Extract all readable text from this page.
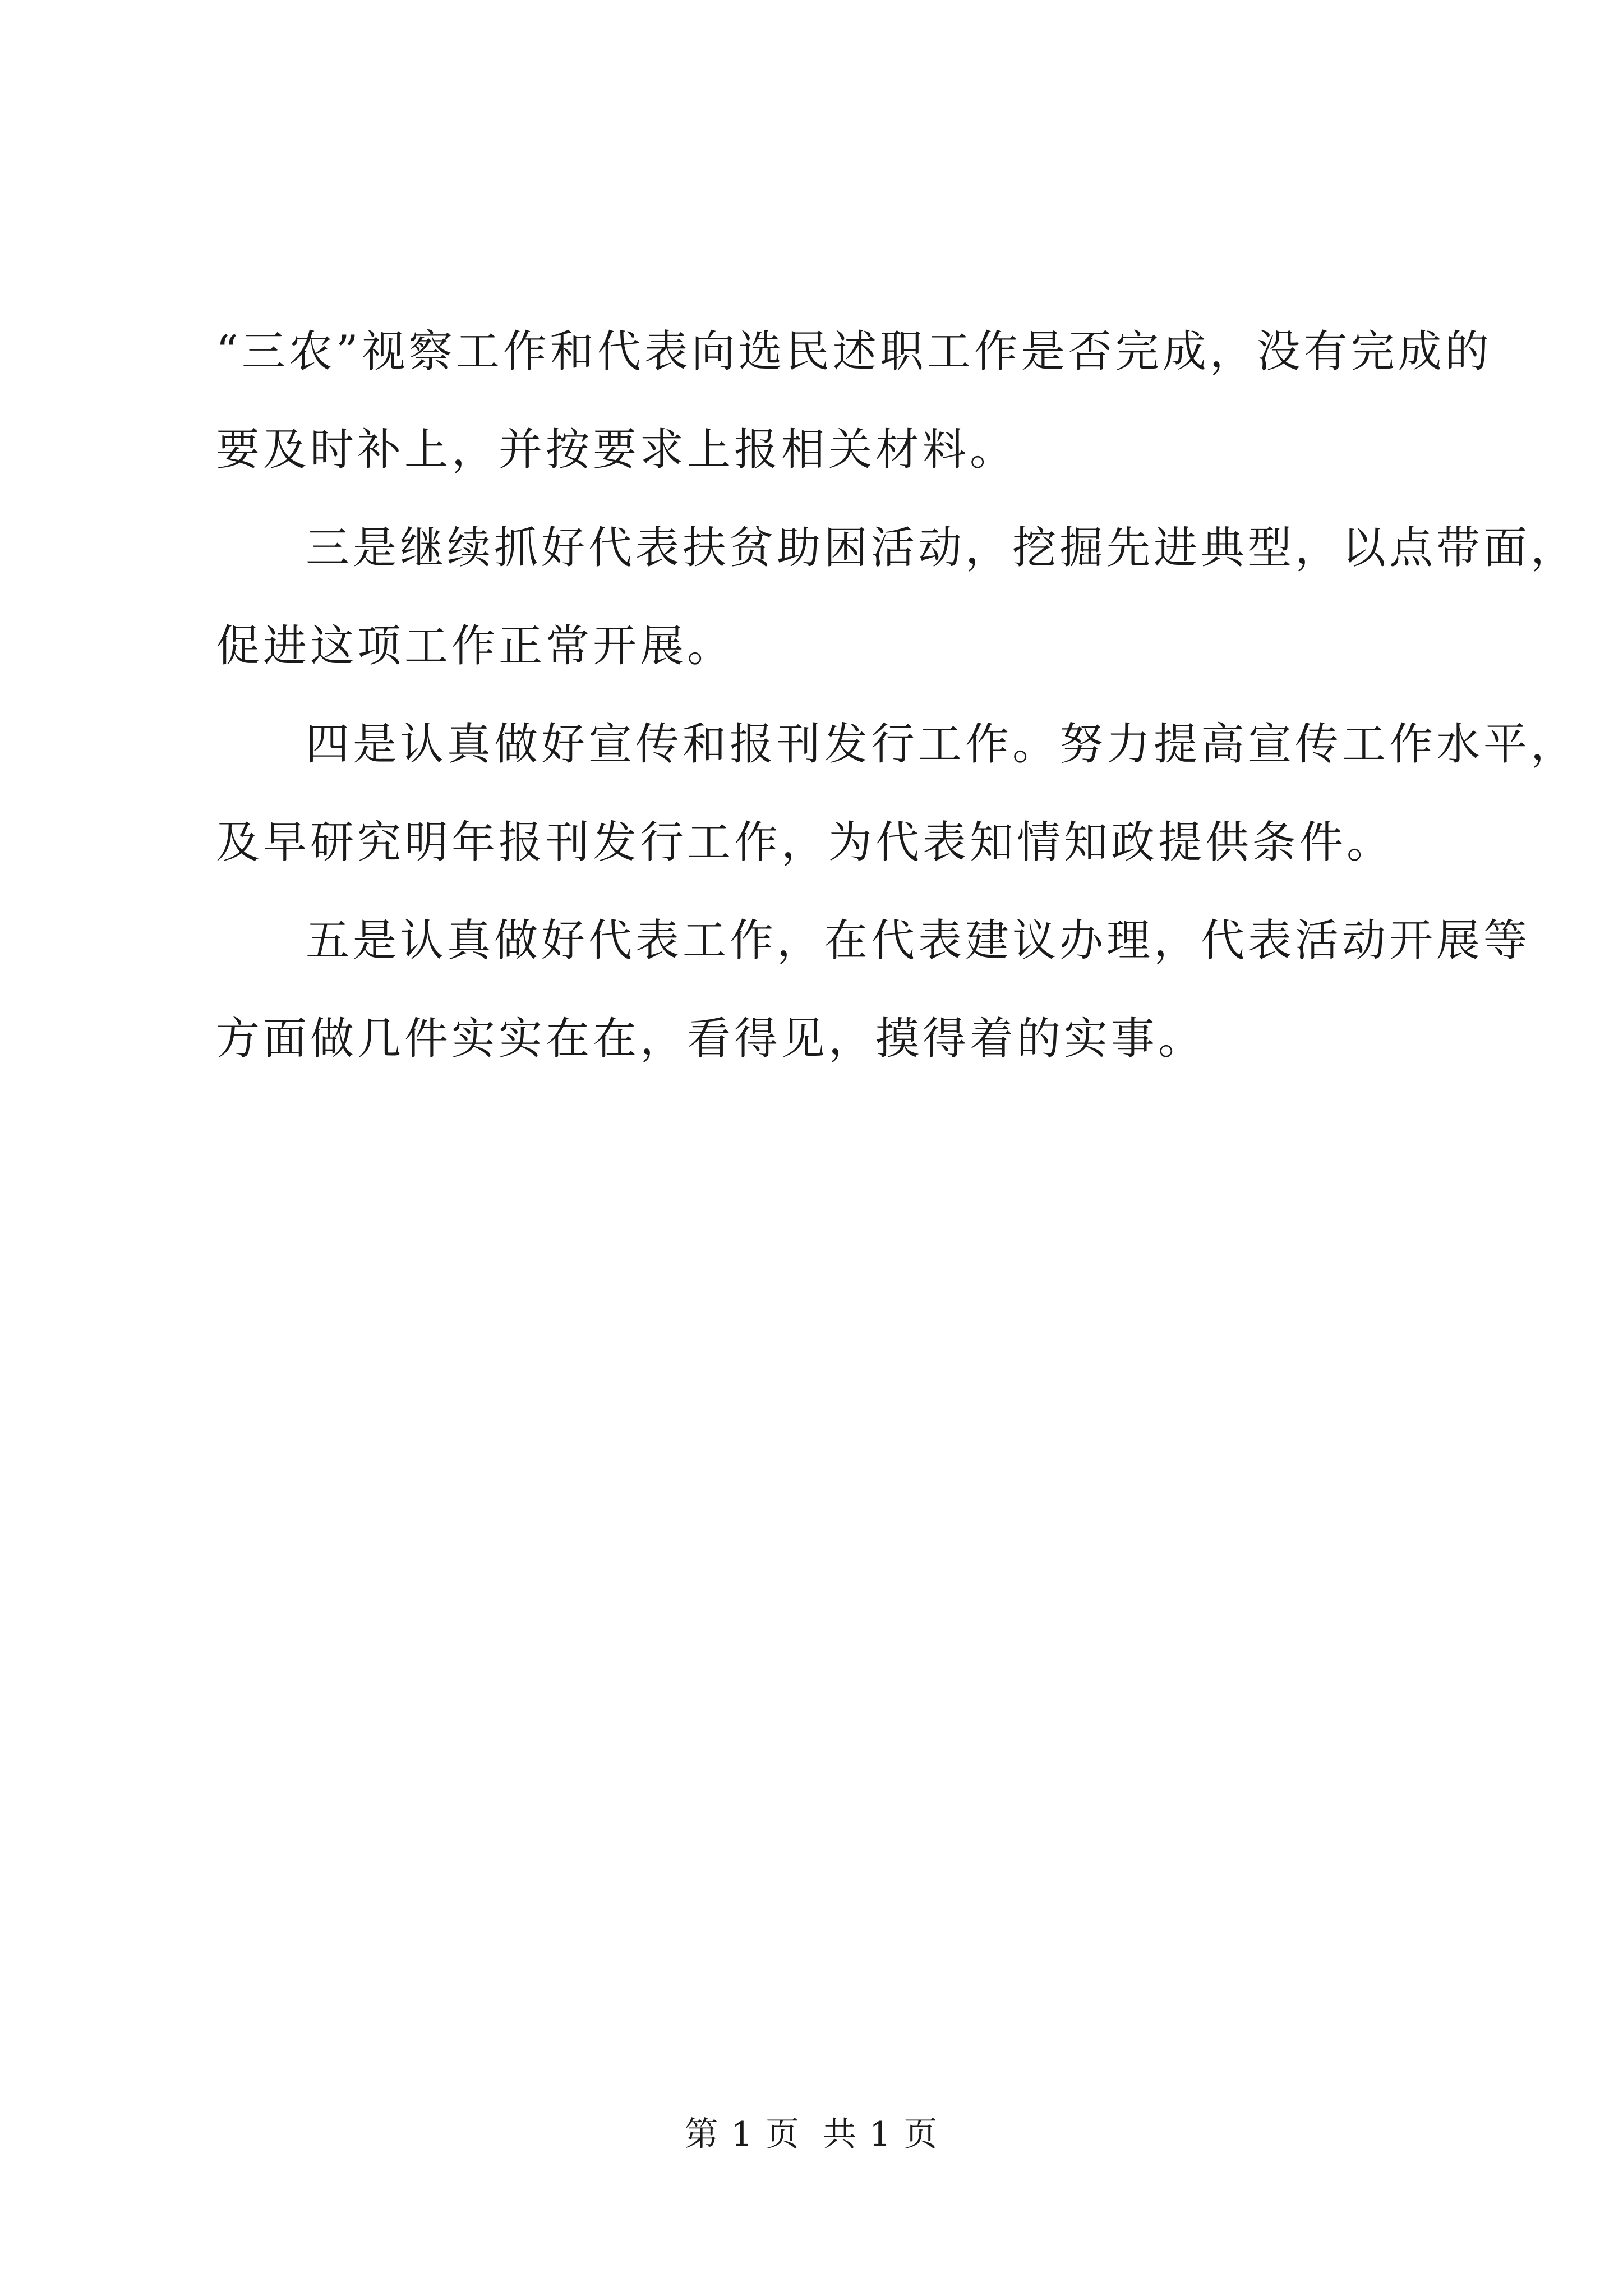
“三农”视察工作和代表向选民述职工作是否完成，没有完成的
要及时补上，并按要求上报相关材料。
三是继续抓好代表扶贫助困活动，挖掘先进典型，以点带面，
促进这项工作正常开展。
四是认真做好宣传和报刊发行工作。努力提高宣传工作水平，
及早研究明年报刊发行工作，为代表知情知政提供条件。
五是认真做好代表工作，在代表建议办理，代表活动开展等
方面做几件实实在在，看得见，摸得着的实事。
第 1 页 共 1 页
